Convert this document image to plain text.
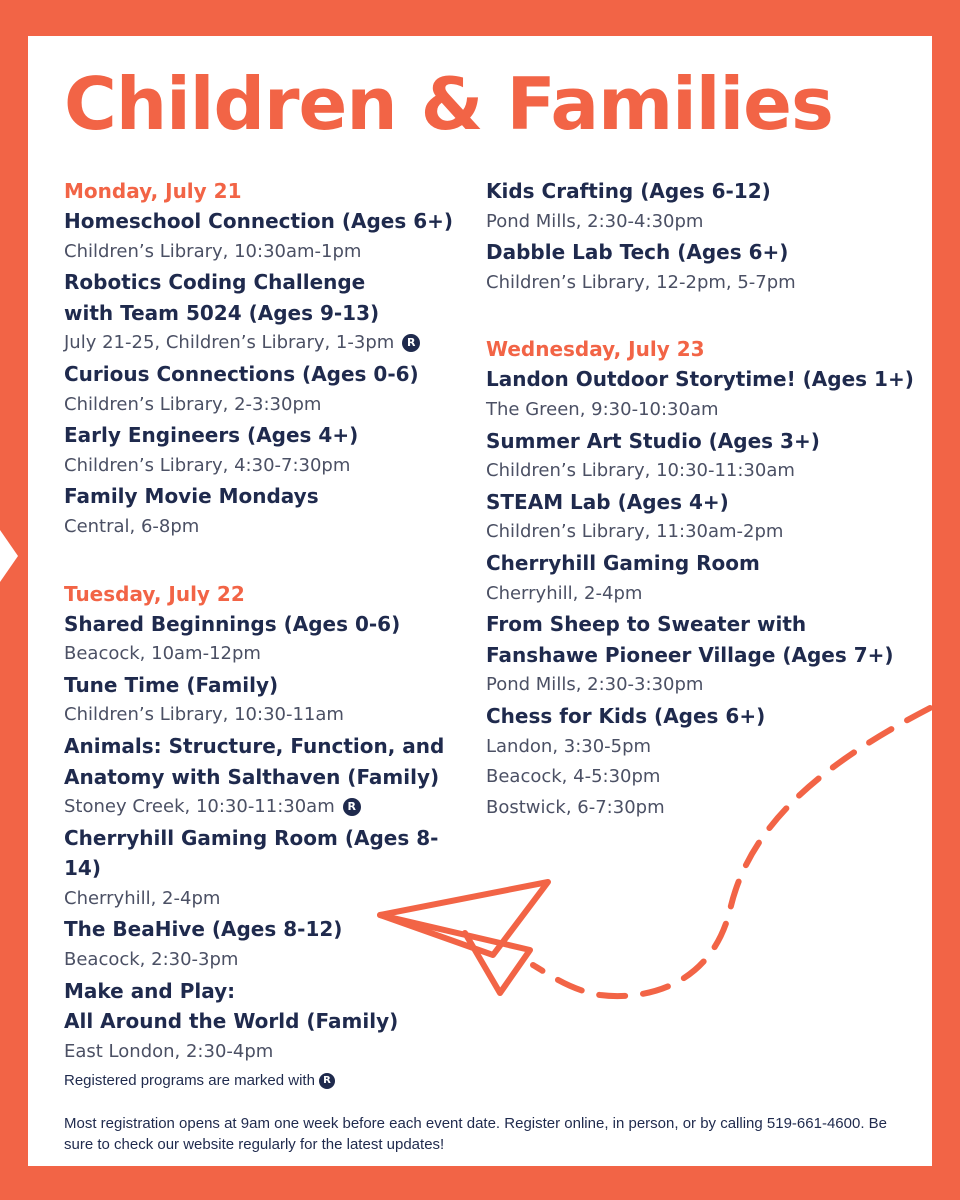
Children & Families
Monday, July 21
Homeschool Connection (Ages 6+)
Children’s Library, 10:30am-1pm
Robotics Coding Challenge
with Team 5024 (Ages 9-13)
July 21-25, Children’s Library, 1-3pm R
Curious Connections (Ages 0-6)
Children’s Library, 2-3:30pm
Early Engineers (Ages 4+)
Children’s Library, 4:30-7:30pm
Family Movie Mondays
Central, 6-8pm
Tuesday, July 22
Shared Beginnings (Ages 0-6)
Beacock, 10am-12pm
Tune Time (Family)
Children’s Library, 10:30-11am
Animals: Structure, Function, and
Anatomy with Salthaven (Family)
Stoney Creek, 10:30-11:30am R
Cherryhill Gaming Room (Ages 8-14)
Cherryhill, 2-4pm
The BeaHive (Ages 8-12)
Beacock, 2:30-3pm
Make and Play:
All Around the World (Family)
East London, 2:30-4pm
Kids Crafting (Ages 6-12)
Pond Mills, 2:30-4:30pm
Dabble Lab Tech (Ages 6+)
Children’s Library, 12-2pm, 5-7pm
Wednesday, July 23
Landon Outdoor Storytime! (Ages 1+)
The Green, 9:30-10:30am
Summer Art Studio (Ages 3+)
Children’s Library, 10:30-11:30am
STEAM Lab (Ages 4+)
Children’s Library, 11:30am-2pm
Cherryhill Gaming Room
Cherryhill, 2-4pm
From Sheep to Sweater with
Fanshawe Pioneer Village (Ages 7+)
Pond Mills, 2:30-3:30pm
Chess for Kids (Ages 6+)
Landon, 3:30-5pm
Beacock, 4-5:30pm
Bostwick, 6-7:30pm
Registered programs are marked with R
Most registration opens at 9am one week before each event date. Register online, in person, or by calling 519-661-4600. Be sure to check our website regularly for the latest updates!
